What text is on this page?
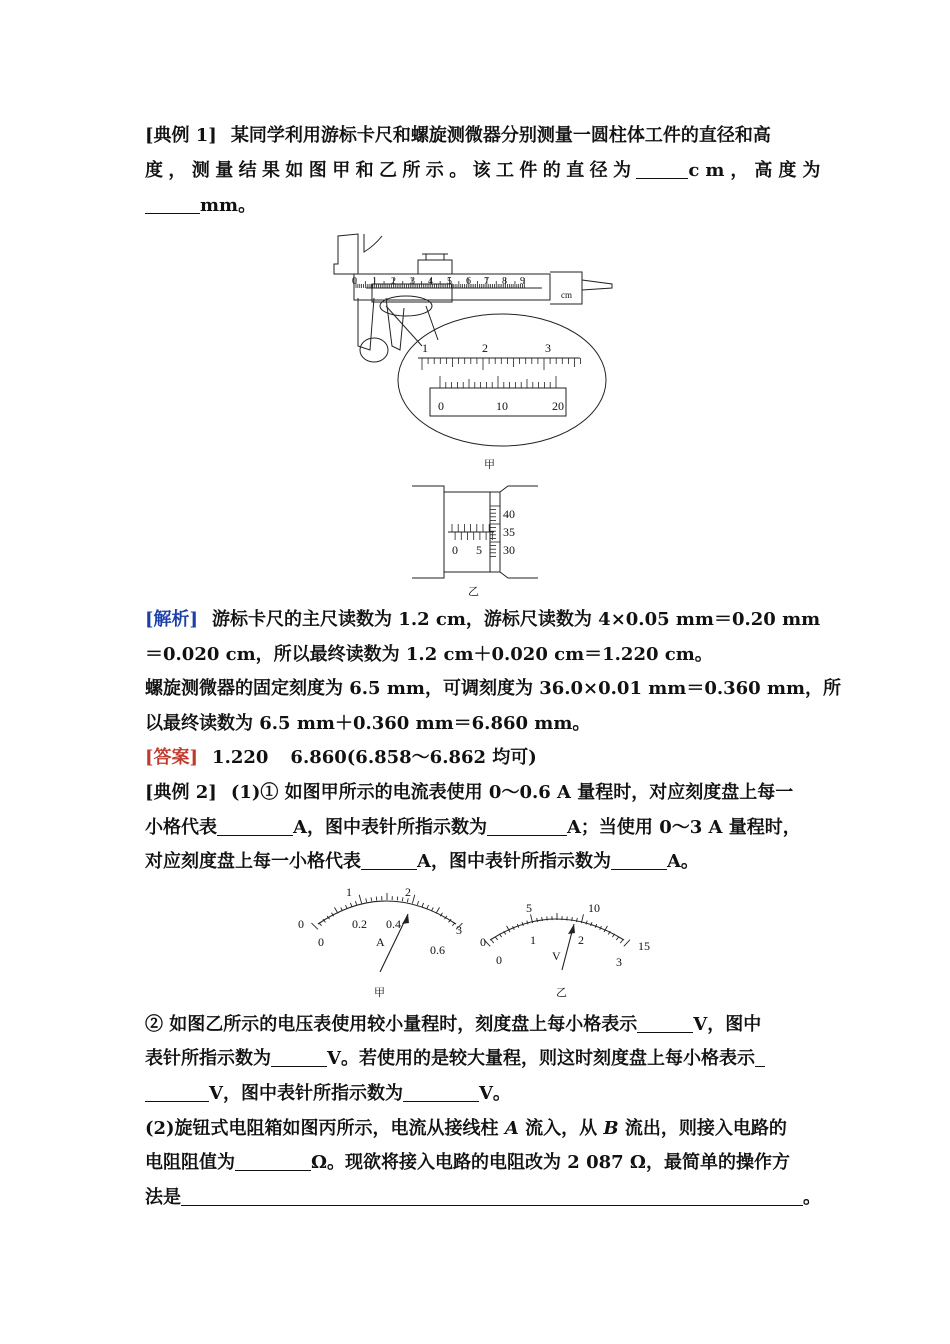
[典例 1] 某同学利用游标卡尺和螺旋测微器分别测量一圆柱体工件的直径和高
度，测量结果如图甲和乙所示。该工件的直径为	cm，高度为
mm。
0 1 2 3 4 5 6 7 8 9
cm
1	2	3
0	10	20
甲
0 5
40
35
30
乙
[解析] 游标卡尺的主尺读数为 1.2 cm，游标尺读数为 4×0.05 mm＝0.20 mm
＝0.020 cm，所以最终读数为 1.2 cm＋0.020 cm＝1.220 cm。
螺旋测微器的固定刻度为 6.5 mm，可调刻度为 36.0×0.01 mm＝0.360 mm，所
以最终读数为 6.5 mm＋0.360 mm＝6.860 mm。
[答案] 1.220 6.860(6.858～6.862 均可)
[典例 2] (1)① 如图甲所示的电流表使用 0～0.6 A 量程时，对应刻度盘上每一
小格代表	A，图中表针所指示数为	A；当使用 0～3 A 量程时，
对应刻度盘上每一小格代表	A，图中表针所指示数为	A。
0
1	2
3
0
0.2 0.4
0.6
A
甲
0
5	10
15
0
1	2
3
V
乙
② 如图乙所示的电压表使用较小量程时，刻度盘上每小格表示	V，图中
表针所指示数为	V。若使用的是较大量程，则这时刻度盘上每小格表示
V，图中表针所指示数为	V。
(2)旋钮式电阻箱如图丙所示，电流从接线柱 A 流入，从 B 流出，则接入电路的
电阻阻值为	Ω。现欲将接入电路的电阻改为 2 087 Ω，最简单的操作方
法是	。
